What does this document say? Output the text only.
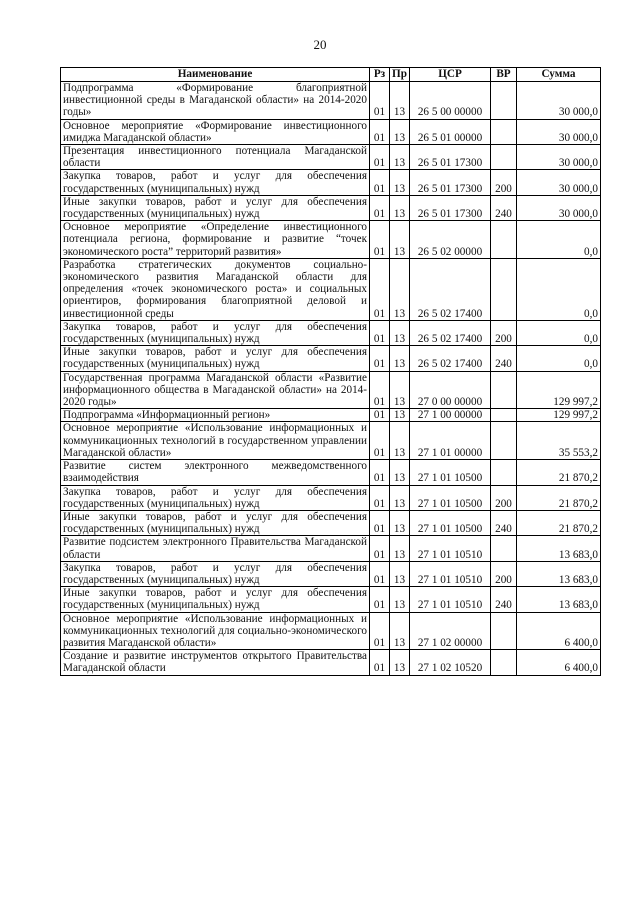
20
Наименование	Рз	Пр	ЦСР	ВР	Сумма
Подпрограмма «Формирование благоприятной инвестиционной среды в Магаданской области» на 2014-2020 годы»	01	13	26 5 00 00000		30 000,0
Основное мероприятие «Формирование инвестиционного имиджа Магаданской области»	01	13	26 5 01 00000		30 000,0
Презентация инвестиционного потенциала Магаданской области	01	13	26 5 01 17300		30 000,0
Закупка товаров, работ и услуг для обеспечения государственных (муниципальных) нужд	01	13	26 5 01 17300	200	30 000,0
Иные закупки товаров, работ и услуг для обеспечения государственных (муниципальных) нужд	01	13	26 5 01 17300	240	30 000,0
Основное мероприятие «Определение инвестиционного потенциала региона, формирование и развитие “точек экономического роста” территорий развития»	01	13	26 5 02 00000		0,0
Разработка стратегических документов социально-экономического развития Магаданской области для определения «точек экономического роста» и социальных ориентиров, формирования благоприятной деловой и инвестиционной среды	01	13	26 5 02 17400		0,0
Закупка товаров, работ и услуг для обеспечения государственных (муниципальных) нужд	01	13	26 5 02 17400	200	0,0
Иные закупки товаров, работ и услуг для обеспечения государственных (муниципальных) нужд	01	13	26 5 02 17400	240	0,0
Государственная программа Магаданской области «Развитие информационного общества в Магаданской области» на 2014-2020 годы»	01	13	27 0 00 00000		129 997,2
Подпрограмма «Информационный регион»	01	13	27 1 00 00000		129 997,2
Основное мероприятие «Использование информационных и коммуникационных технологий в государственном управлении Магаданской области»	01	13	27 1 01 00000		35 553,2
Развитие систем электронного межведомственного взаимодействия	01	13	27 1 01 10500		21 870,2
Закупка товаров, работ и услуг для обеспечения государственных (муниципальных) нужд	01	13	27 1 01 10500	200	21 870,2
Иные закупки товаров, работ и услуг для обеспечения государственных (муниципальных) нужд	01	13	27 1 01 10500	240	21 870,2
Развитие подсистем электронного Правительства Магаданской области	01	13	27 1 01 10510		13 683,0
Закупка товаров, работ и услуг для обеспечения государственных (муниципальных) нужд	01	13	27 1 01 10510	200	13 683,0
Иные закупки товаров, работ и услуг для обеспечения государственных (муниципальных) нужд	01	13	27 1 01 10510	240	13 683,0
Основное мероприятие «Использование информационных и коммуникационных технологий для социально-экономического развития Магаданской области»	01	13	27 1 02 00000		6 400,0
Создание и развитие инструментов открытого Правительства Магаданской области	01	13	27 1 02 10520		6 400,0
